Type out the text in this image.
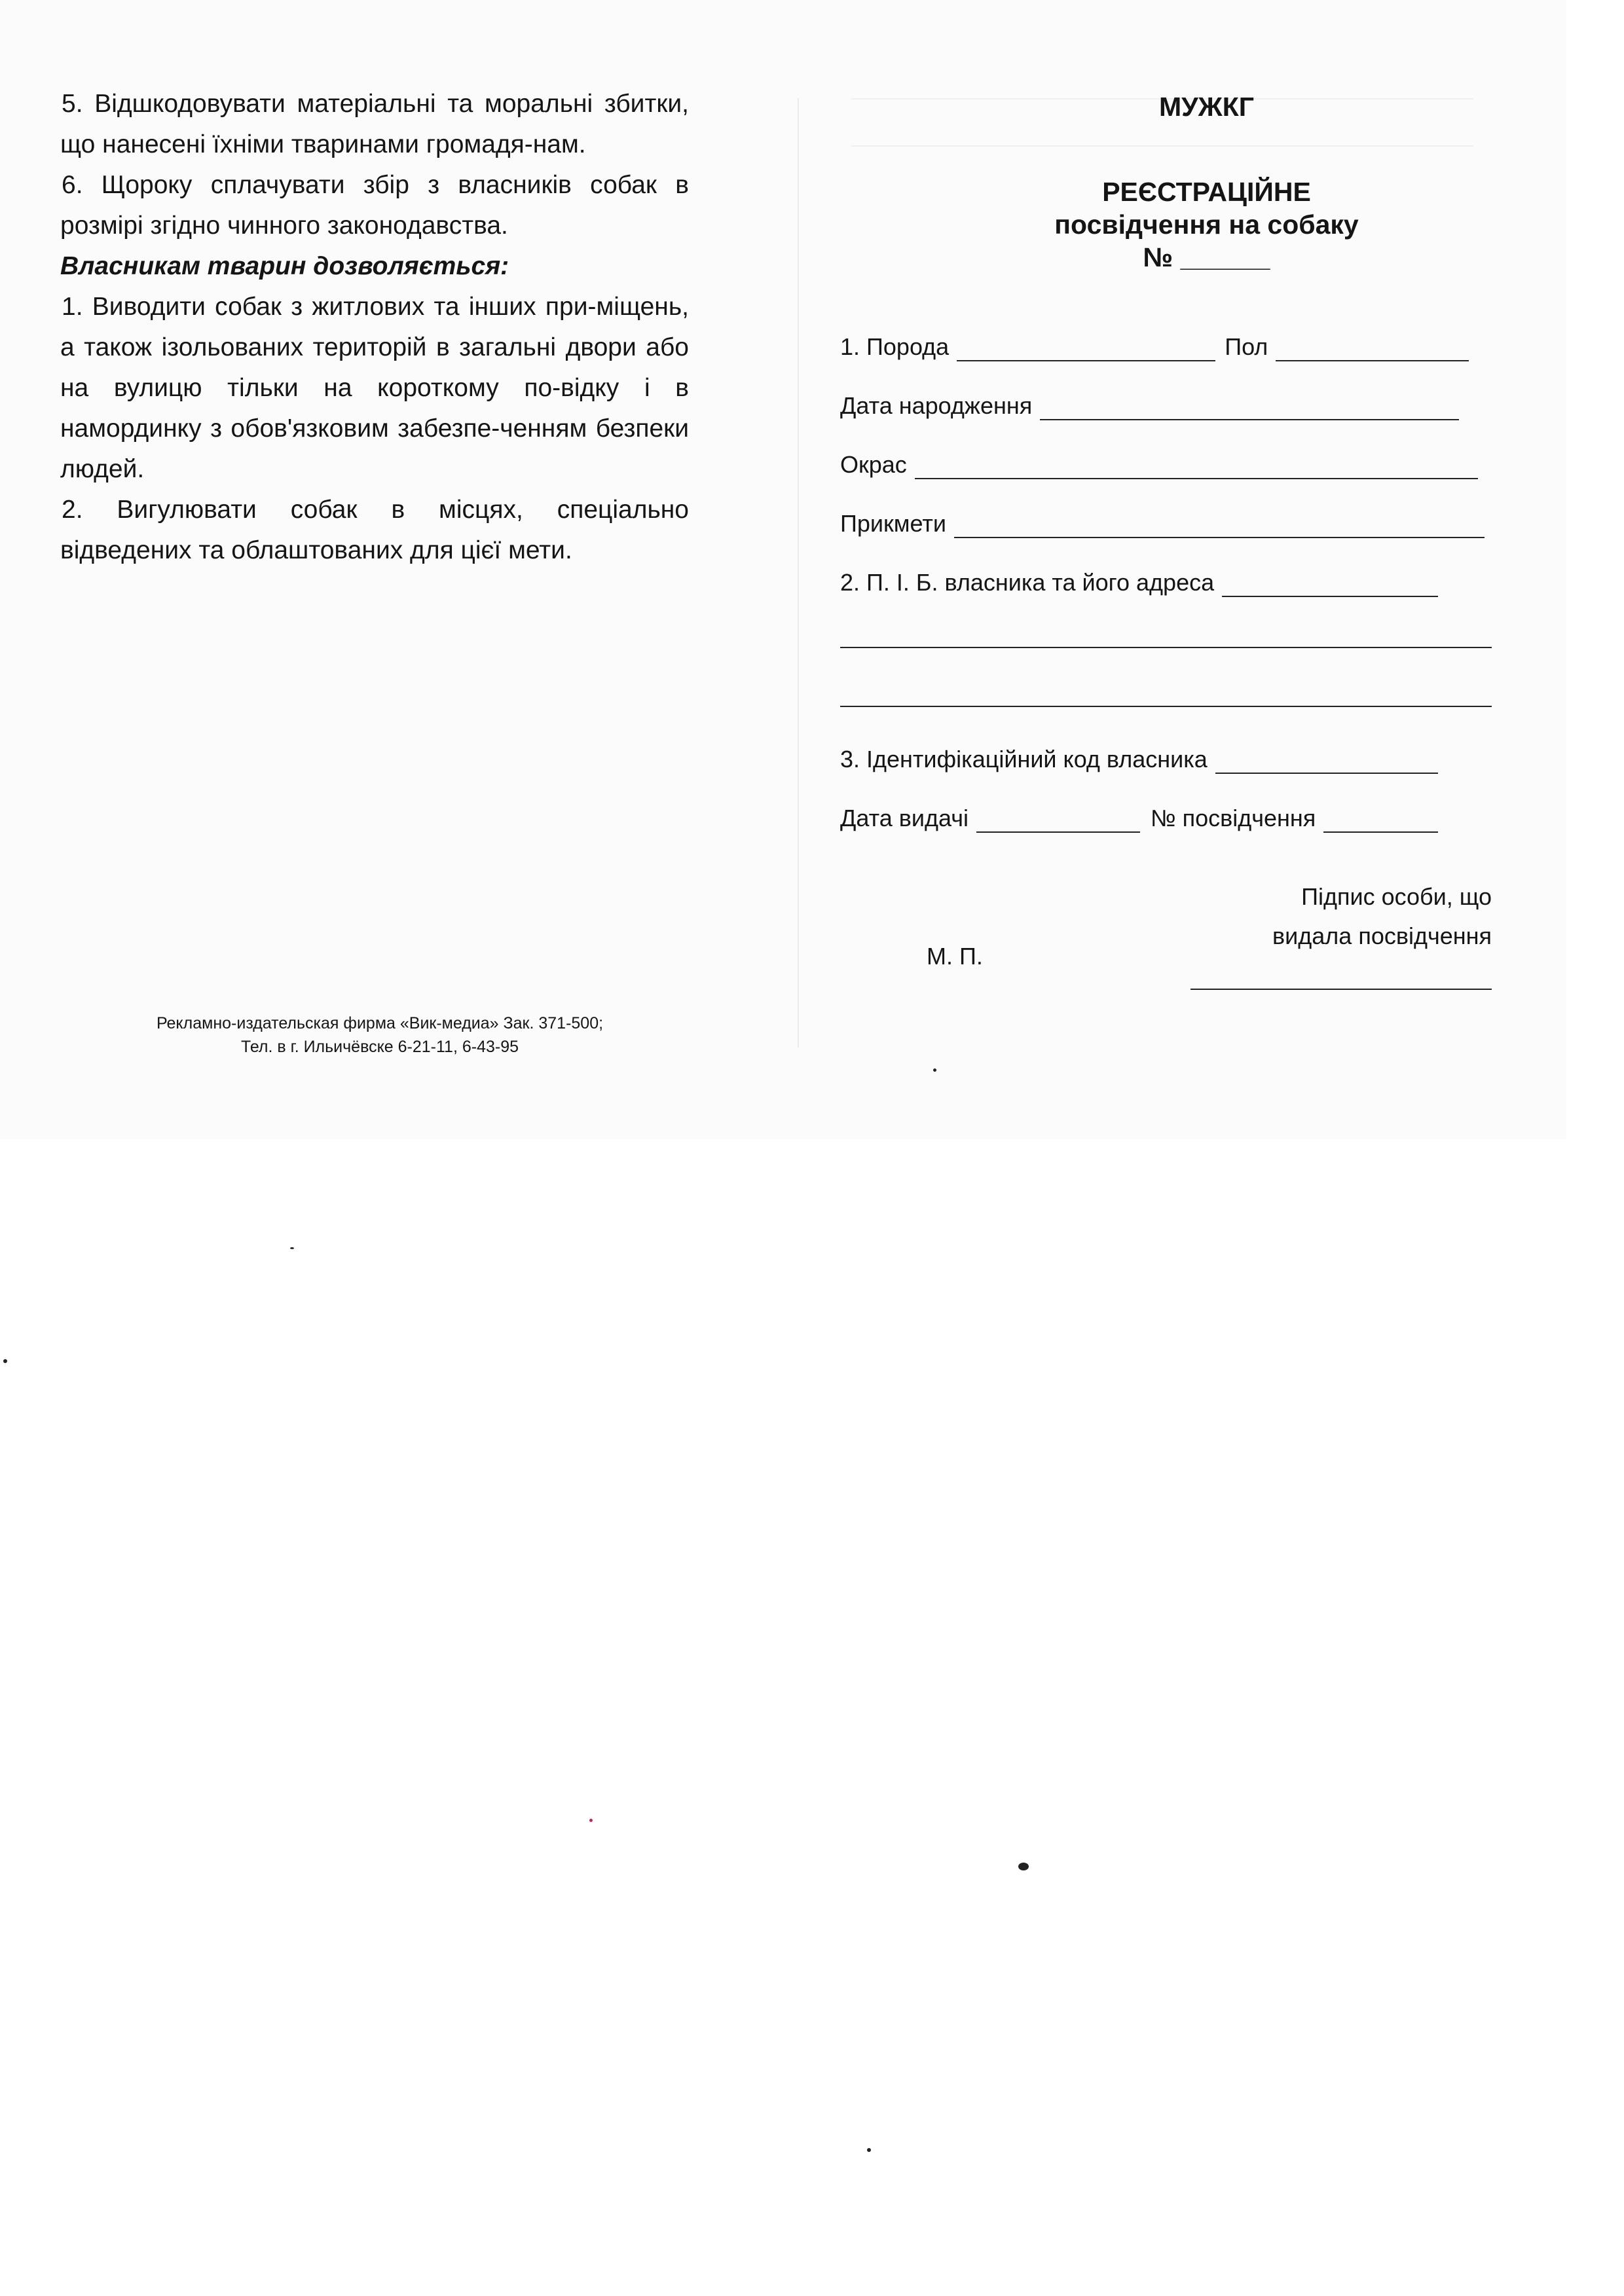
5. Відшкодовувати матеріальні та моральні збитки, що нанесені їхніми тваринами громадя-нам.

6. Щороку сплачувати збір з власників собак в розмірі згідно чинного законодавства.

Власникам тварин дозволяється:

1. Виводити собак з житлових та інших при-міщень, а також ізольованих територій в загальні двори або на вулицю тільки на короткому по-відку і в намординку з обов'язковим забезпе-ченням безпеки людей.

2. Вигулювати собак в місцях, спеціально відведених та облаштованих для цієї мети.

Рекламно-издательская фирма «Вик-медиа» Зак. 371-500;
Тел. в г. Ильичёвске 6-21-11, 6-43-95
МУЖКГ
РЕЄСТРАЦІЙНЕ
посвідчення на собаку
№ ______
1. Порода	Пол
Дата народження
Окрас
Прикмети
2. П. І. Б. власника та його адреса
3. Ідентифікаційний код власника
Дата видачі	№ посвідчення
Підпис особи, що
видала посвідчення
М. П.
